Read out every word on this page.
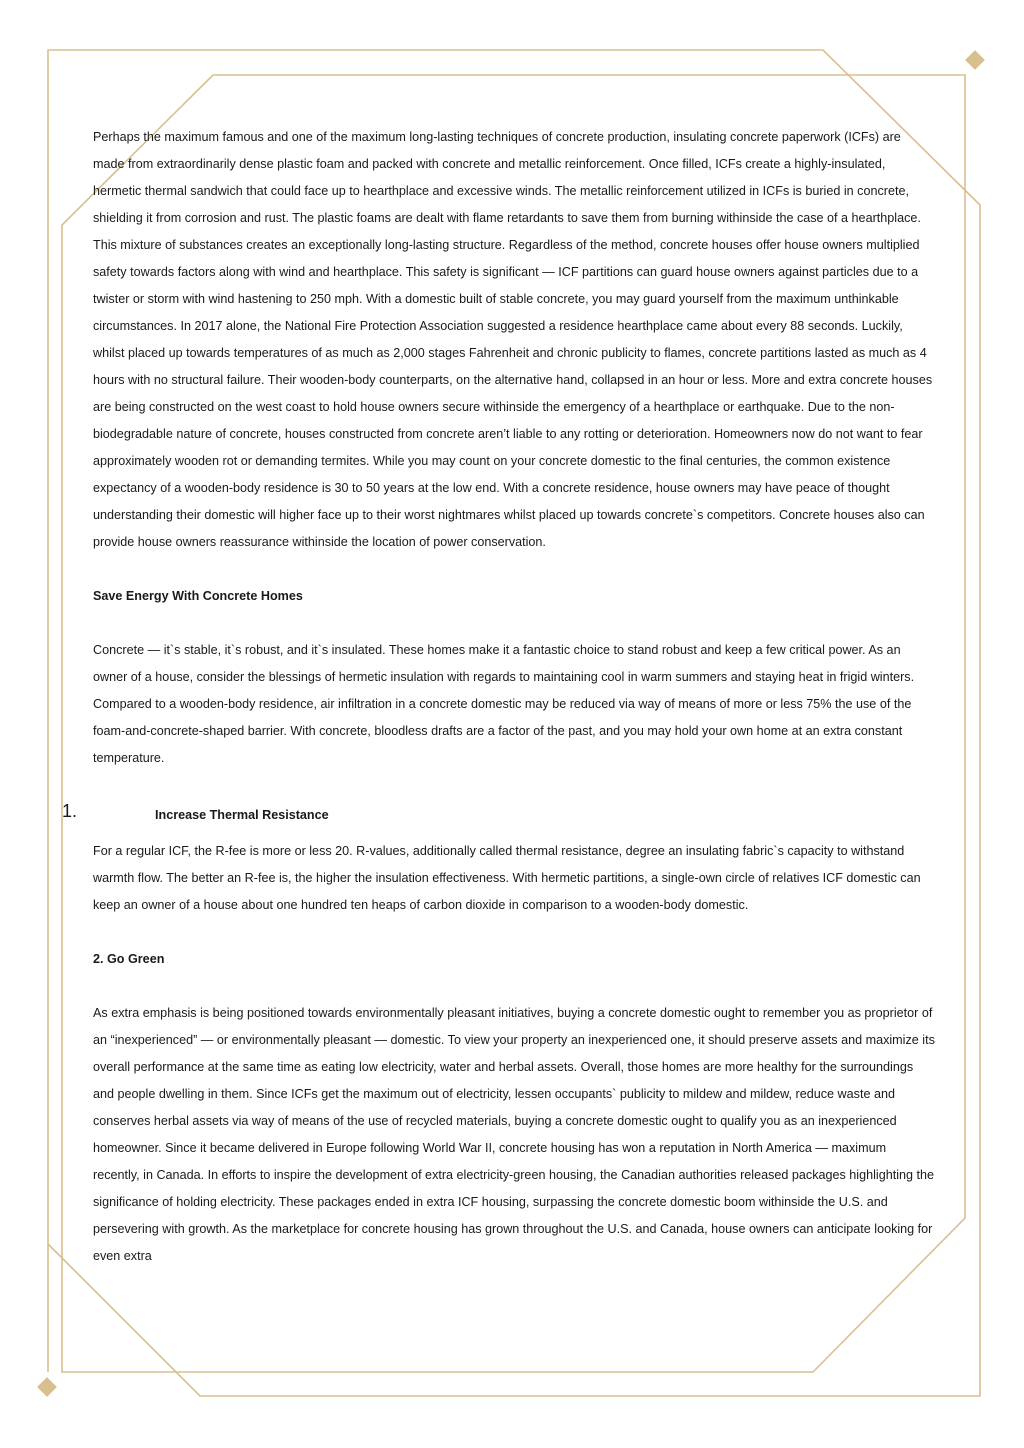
Perhaps the maximum famous and one of the maximum long-lasting techniques of concrete production, insulating concrete paperwork (ICFs) are made from extraordinarily dense plastic foam and packed with concrete and metallic reinforcement. Once filled, ICFs create a highly-insulated, hermetic thermal sandwich that could face up to hearthplace and excessive winds. The metallic reinforcement utilized in ICFs is buried in concrete, shielding it from corrosion and rust. The plastic foams are dealt with flame retardants to save them from burning withinside the case of a hearthplace. This mixture of substances creates an exceptionally long-lasting structure. Regardless of the method, concrete houses offer house owners multiplied safety towards factors along with wind and hearthplace. This safety is significant — ICF partitions can guard house owners against particles due to a twister or storm with wind hastening to 250 mph. With a domestic built of stable concrete, you may guard yourself from the maximum unthinkable circumstances. In 2017 alone, the National Fire Protection Association suggested a residence hearthplace came about every 88 seconds. Luckily, whilst placed up towards temperatures of as much as 2,000 stages Fahrenheit and chronic publicity to flames, concrete partitions lasted as much as 4 hours with no structural failure. Their wooden-body counterparts, on the alternative hand, collapsed in an hour or less. More and extra concrete houses are being constructed on the west coast to hold house owners secure withinside the emergency of a hearthplace or earthquake. Due to the non-biodegradable nature of concrete, houses constructed from concrete aren’t liable to any rotting or deterioration. Homeowners now do not want to fear approximately wooden rot or demanding termites. While you may count on your concrete domestic to the final centuries, the common existence expectancy of a wooden-body residence is 30 to 50 years at the low end. With a concrete residence, house owners may have peace of thought understanding their domestic will higher face up to their worst nightmares whilst placed up towards concrete`s competitors. Concrete houses also can provide house owners reassurance withinside the location of power conservation.

Save Energy With Concrete Homes

Concrete — it`s stable, it`s robust, and it`s insulated. These homes make it a fantastic choice to stand robust and keep a few critical power. As an owner of a house, consider the blessings of hermetic insulation with regards to maintaining cool in warm summers and staying heat in frigid winters. Compared to a wooden-body residence, air infiltration in a concrete domestic may be reduced via way of means of more or less 75% the use of the foam-and-concrete-shaped barrier. With concrete, bloodless drafts are a factor of the past, and you may hold your own home at an extra constant temperature.

1.	Increase Thermal Resistance

For a regular ICF, the R-fee is more or less 20. R-values, additionally called thermal resistance, degree an insulating fabric`s capacity to withstand warmth flow. The better an R-fee is, the higher the insulation effectiveness. With hermetic partitions, a single-own circle of relatives ICF domestic can keep an owner of a house about one hundred ten heaps of carbon dioxide in comparison to a wooden-body domestic.

2. Go Green

As extra emphasis is being positioned towards environmentally pleasant initiatives, buying a concrete domestic ought to remember you as proprietor of an “inexperienced” — or environmentally pleasant — domestic. To view your property an inexperienced one, it should preserve assets and maximize its overall performance at the same time as eating low electricity, water and herbal assets. Overall, those homes are more healthy for the surroundings and people dwelling in them. Since ICFs get the maximum out of electricity, lessen occupants` publicity to mildew and mildew, reduce waste and conserves herbal assets via way of means of the use of recycled materials, buying a concrete domestic ought to qualify you as an inexperienced homeowner. Since it became delivered in Europe following World War II, concrete housing has won a reputation in North America — maximum recently, in Canada. In efforts to inspire the development of extra electricity-green housing, the Canadian authorities released packages highlighting the significance of holding electricity. These packages ended in extra ICF housing, surpassing the concrete domestic boom withinside the U.S. and persevering with growth. As the marketplace for concrete housing has grown throughout the U.S. and Canada, house owners can anticipate looking for even extra
